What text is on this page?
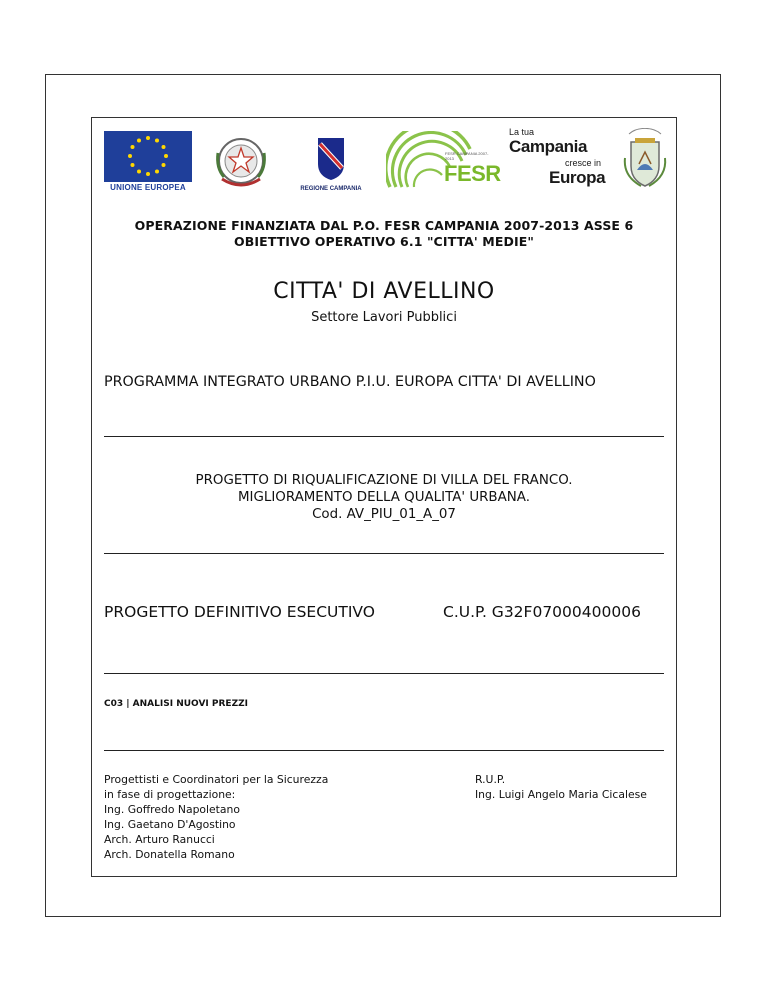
UNIONE EUROPEA	REGIONE CAMPANIA
FESR CAMPANIA 2007-2013
FESR
La tua
Campania
cresce in
Europa
OPERAZIONE FINANZIATA DAL P.O. FESR CAMPANIA 2007-2013 ASSE 6
OBIETTIVO OPERATIVO 6.1 "CITTA' MEDIE"
CITTA' DI AVELLINO
Settore Lavori Pubblici
PROGRAMMA INTEGRATO URBANO P.I.U. EUROPA CITTA' DI AVELLINO
PROGETTO DI RIQUALIFICAZIONE DI VILLA DEL FRANCO.
MIGLIORAMENTO DELLA QUALITA' URBANA.
Cod. AV_PIU_01_A_07
PROGETTO DEFINITIVO ESECUTIVO	C.U.P. G32F07000400006
C03 | ANALISI NUOVI PREZZI
Progettisti e Coordinatori per la Sicurezza
in fase di progettazione:
Ing. Goffredo Napoletano
Ing. Gaetano D'Agostino
Arch. Arturo Ranucci
Arch. Donatella Romano
R.U.P.
Ing. Luigi Angelo Maria Cicalese
